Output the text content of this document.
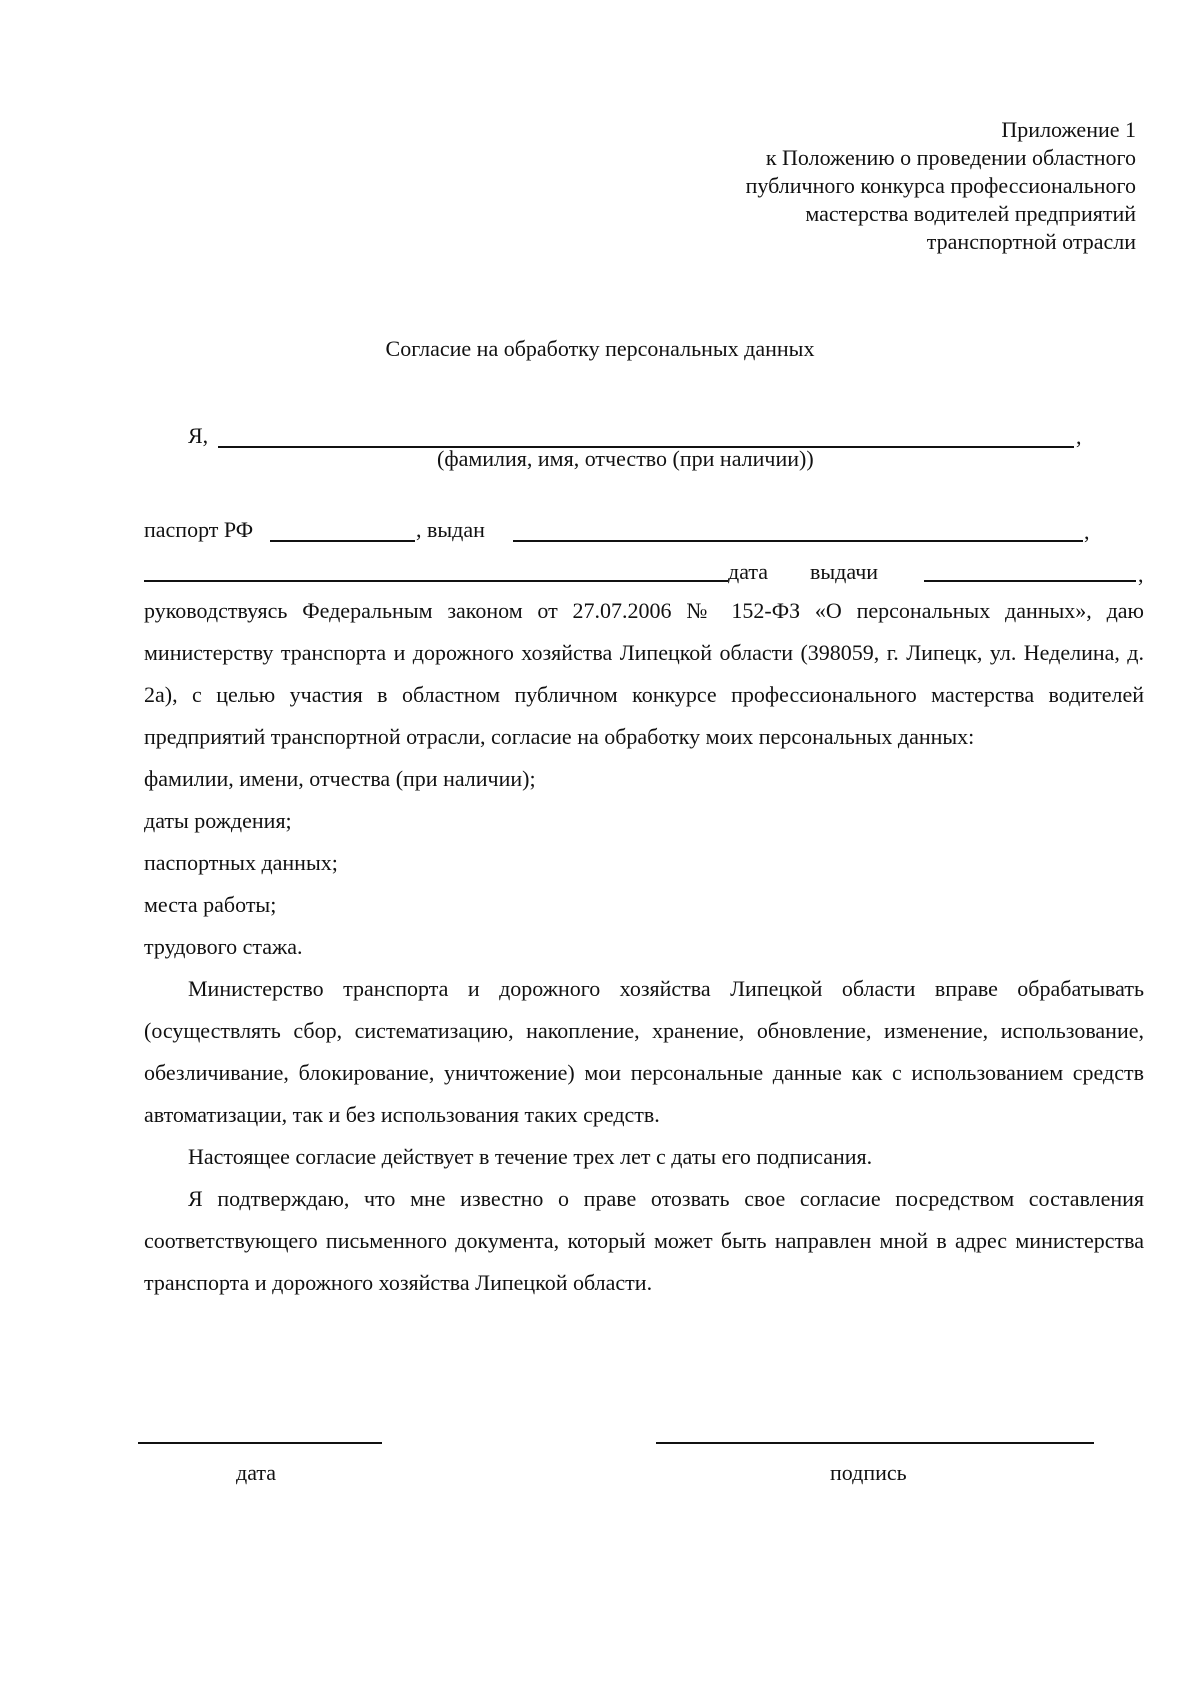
Приложение 1
к Положению о проведении областного
публичного конкурса профессионального
мастерства водителей предприятий
транспортной отрасли
Согласие на обработку персональных данных
Я,	,
(фамилия, имя, отчество (при наличии))
паспорт РФ	, выдан	,
дата выдачи	,

руководствуясь Федеральным законом от 27.07.2006 № 152-ФЗ «О персональных данных», даю министерству транспорта и дорожного хозяйства Липецкой области (398059, г. Липецк, ул. Неделина, д. 2а), с целью участия в областном публичном конкурсе профессионального мастерства водителей предприятий транспортной отрасли, согласие на обработку моих персональных данных:

фамилии, имени, отчества (при наличии);

даты рождения;

паспортных данных;

места работы;

трудового стажа.

Министерство транспорта и дорожного хозяйства Липецкой области вправе обрабатывать (осуществлять сбор, систематизацию, накопление, хранение, обновление, изменение, использование, обезличивание, блокирование, уничтожение) мои персональные данные как с использованием средств автоматизации, так и без использования таких средств.

Настоящее согласие действует в течение трех лет с даты его подписания.

Я подтверждаю, что мне известно о праве отозвать свое согласие посредством составления соответствующего письменного документа, который может быть направлен мной в адрес министерства транспорта и дорожного хозяйства Липецкой области.

дата	подпись
